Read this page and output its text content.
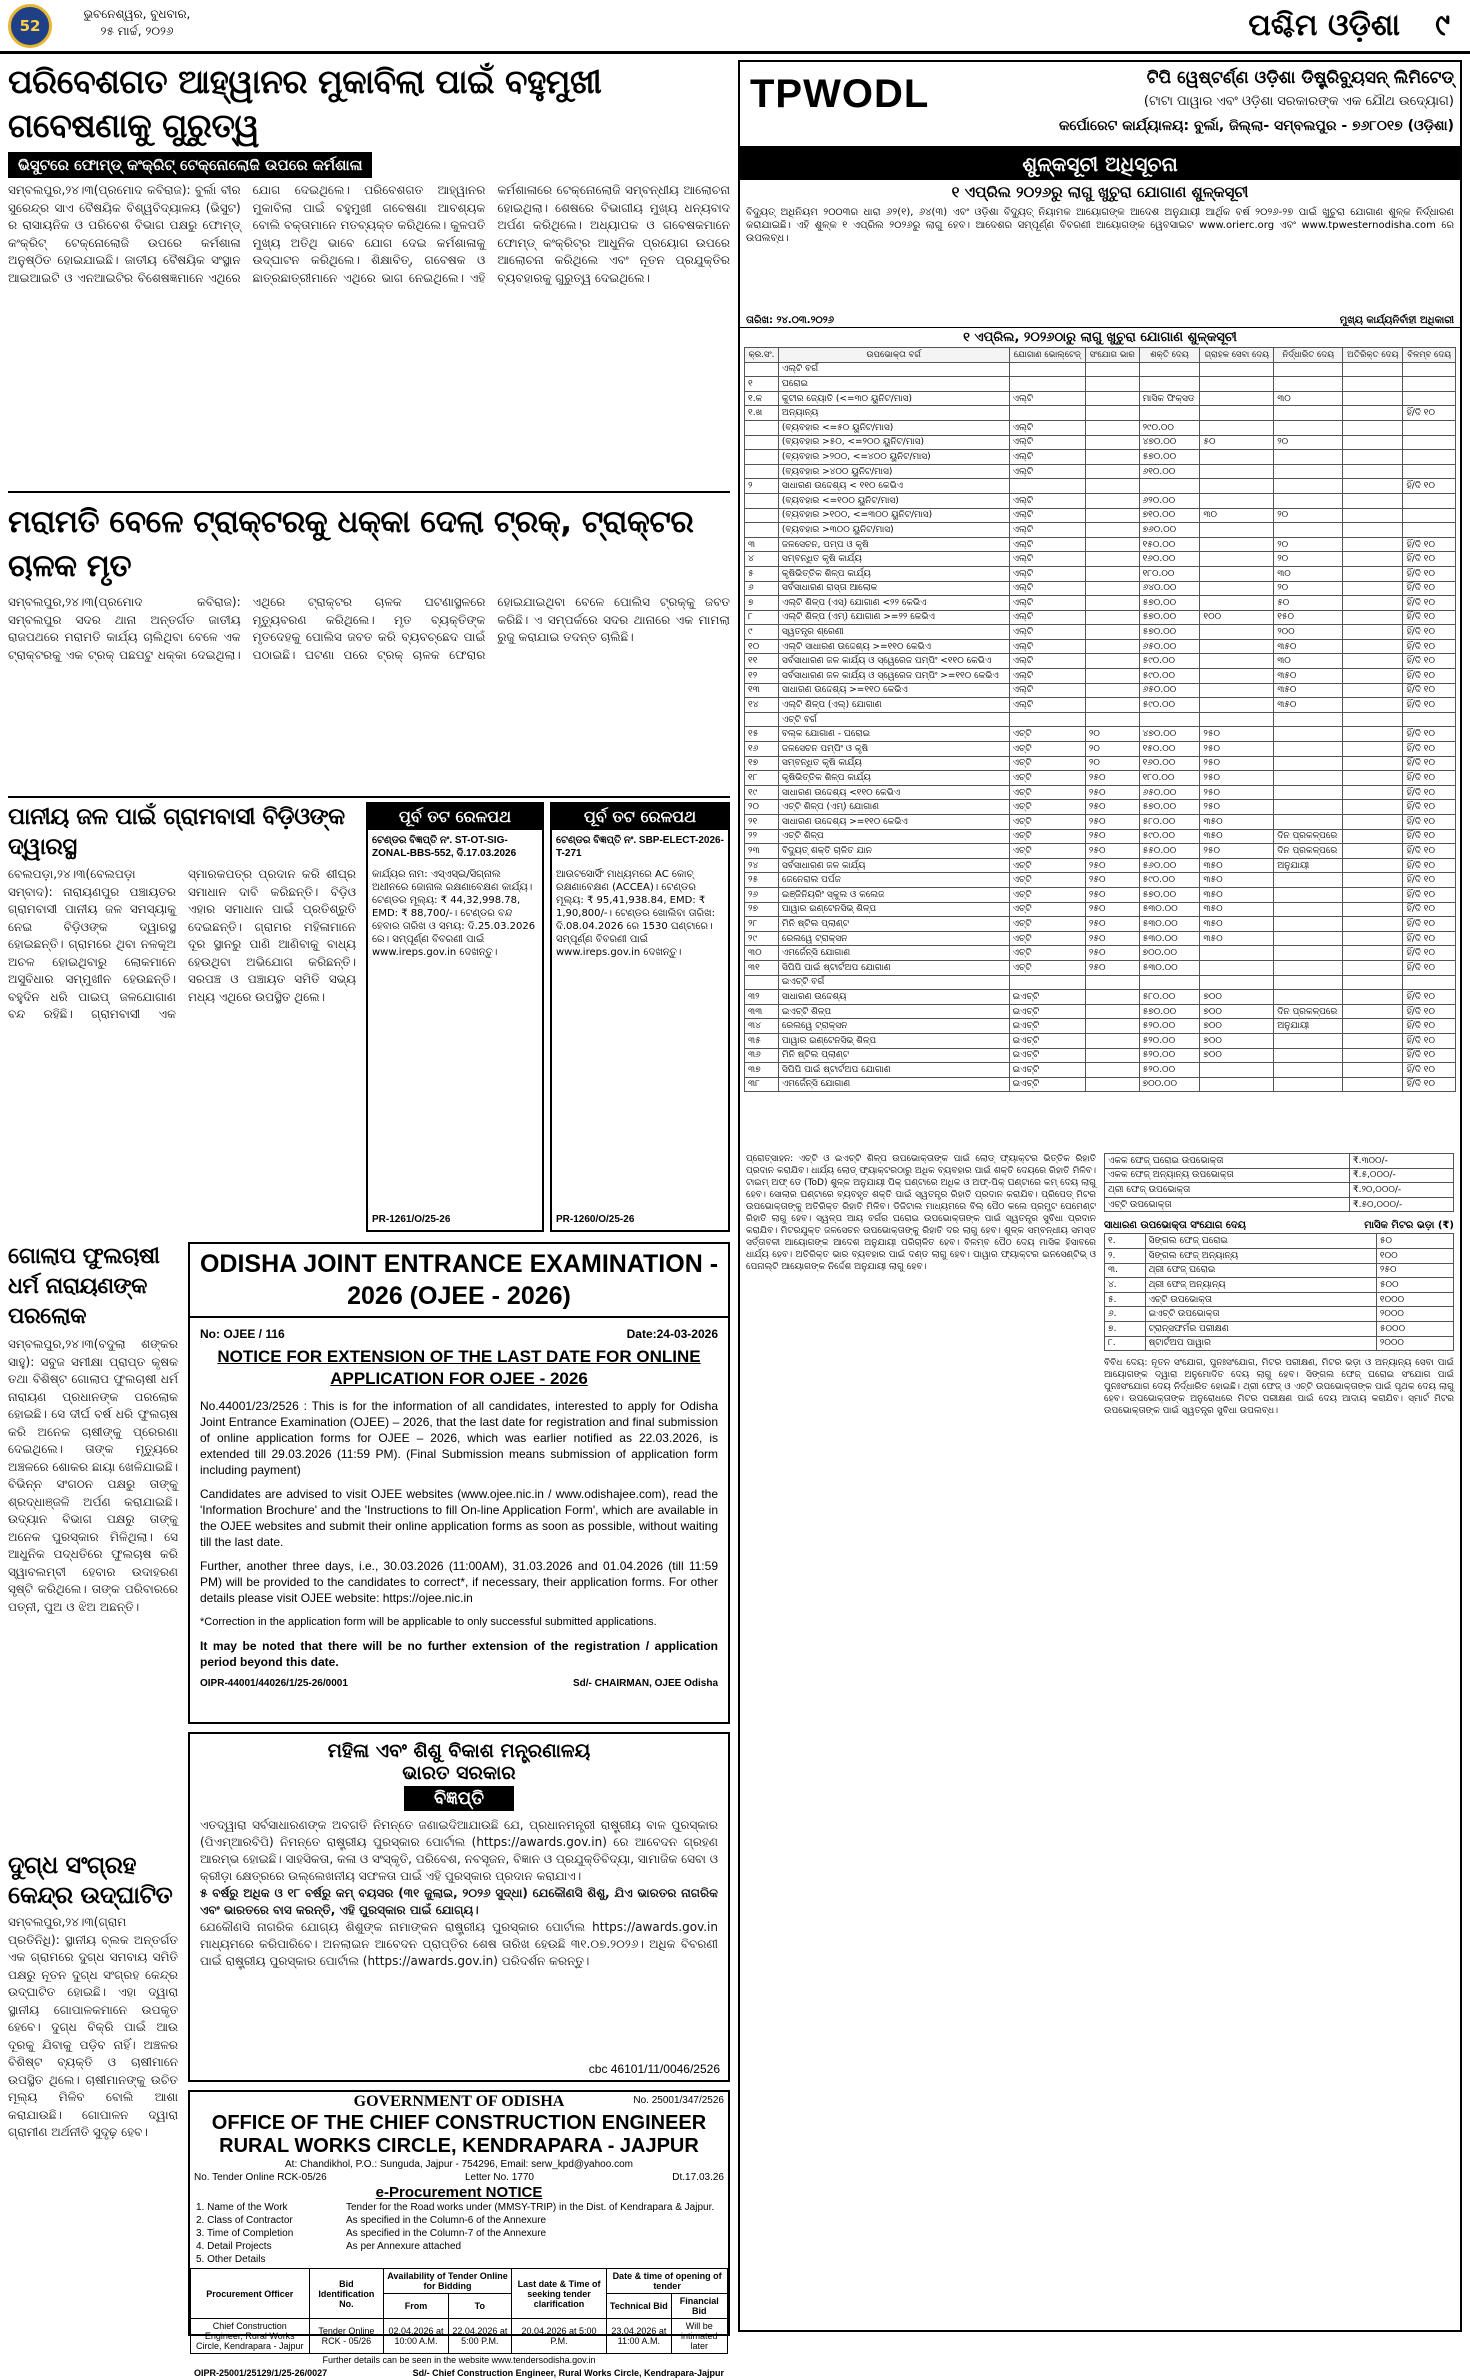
52
ଭୁବନେଶ୍ୱର, ବୁଧବାର,
୨୫ ମାର୍ଚ୍ଚ, ୨୦୨୬	ପଶ୍ଚିମ ଓଡ଼ିଶା ୯
ପରିବେଶଗତ ଆହ୍ୱାନର ମୁକାବିଲା ପାଇଁ ବହୁମୁଖୀ ଗବେଷଣାକୁ ଗୁରୁତ୍ୱ
ଭିସୁଟରେ ଫୋମ୍ଡ୍ କଂକ୍ରିଟ୍ ଟେକ୍ନୋଲୋଜି ଉପରେ କର୍ମଶାଳା
ସମ୍ବଲପୁର,୨୪।୩(ପ୍ରମୋଦ କବିରାଜ): ବୁର୍ଲା ବୀର ସୁରେନ୍ଦ୍ର ସାଏ ବୈଷୟିକ ବିଶ୍ୱବିଦ୍ୟାଳୟ (ଭିସୁଟ) ର ରାସାୟନିକ ଓ ପରିବେଶ ବିଭାଗ ପକ୍ଷରୁ ଫୋମ୍ଡ୍ କଂକ୍ରିଟ୍ ଟେକ୍ନୋଲୋଜି ଉପରେ କର୍ମଶାଳା ଅନୁଷ୍ଠିତ ହୋଇଯାଇଛି। ଜାତୀୟ ବୈଷୟିକ ସଂସ୍ଥାନ ଆଇଆଇଟି ଓ ଏନଆଇଟିର ବିଶେଷଜ୍ଞମାନେ ଏଥିରେ ଯୋଗ ଦେଇଥିଲେ। ପରିବେଶଗତ ଆହ୍ୱାନର ମୁକାବିଲା ପାଇଁ ବହୁମୁଖୀ ଗବେଷଣା ଆବଶ୍ୟକ ବୋଲି ବକ୍ତାମାନେ ମତବ୍ୟକ୍ତ କରିଥିଲେ। କୁଳପତି ମୁଖ୍ୟ ଅତିଥି ଭାବେ ଯୋଗ ଦେଇ କର୍ମଶାଳାକୁ ଉଦ୍‌ଘାଟନ କରିଥିଲେ। ଶିକ୍ଷାବିତ୍, ଗବେଷକ ଓ ଛାତ୍ରଛାତ୍ରୀମାନେ ଏଥିରେ ଭାଗ ନେଇଥିଲେ। ଏହି କର୍ମଶାଳାରେ ଟେକ୍ନୋଲୋଜି ସମ୍ବନ୍ଧୀୟ ଆଲୋଚନା ହୋଇଥିଲା। ଶେଷରେ ବିଭାଗୀୟ ମୁଖ୍ୟ ଧନ୍ୟବାଦ ଅର୍ପଣ କରିଥିଲେ। ଅଧ୍ୟାପକ ଓ ଗବେଷକମାନେ ଫୋମ୍ଡ୍ କଂକ୍ରିଟ୍‌ର ଆଧୁନିକ ପ୍ରୟୋଗ ଉପରେ ଆଲୋଚନା କରିଥିଲେ ଏବଂ ନୂତନ ପ୍ରଯୁକ୍ତିର ବ୍ୟବହାରକୁ ଗୁରୁତ୍ୱ ଦେଇଥିଲେ।
ମରାମତି ବେଳେ ଟ୍ରାକ୍ଟରକୁ ଧକ୍କା ଦେଲା ଟ୍ରକ୍, ଟ୍ରାକ୍ଟର ଚାଳକ ମୃତ
ସମ୍ବଲପୁର,୨୪।୩(ପ୍ରମୋଦ କବିରାଜ): ସମ୍ବଲପୁର ସଦର ଥାନା ଅନ୍ତର୍ଗତ ଜାତୀୟ ରାଜପଥରେ ମରାମତି କାର୍ଯ୍ୟ ଚାଲିଥିବା ବେଳେ ଏକ ଟ୍ରାକ୍ଟରକୁ ଏକ ଟ୍ରକ୍ ପଛପଟୁ ଧକ୍କା ଦେଇଥିଲା। ଏଥିରେ ଟ୍ରାକ୍ଟର ଚାଳକ ଘଟଣାସ୍ଥଳରେ ମୃତ୍ୟୁବରଣ କରିଥିଲେ। ମୃତ ବ୍ୟକ୍ତିଙ୍କ ମୃତଦେହକୁ ପୋଲିସ ଜବତ କରି ବ୍ୟବଚ୍ଛେଦ ପାଇଁ ପଠାଇଛି। ଘଟଣା ପରେ ଟ୍ରକ୍ ଚାଳକ ଫେରାର ହୋଇଯାଇଥିବା ବେଳେ ପୋଲିସ ଟ୍ରକ୍‌କୁ ଜବତ କରିଛି। ଏ ସମ୍ପର୍କରେ ସଦର ଥାନାରେ ଏକ ମାମଲା ରୁଜୁ କରାଯାଇ ତଦନ୍ତ ଚାଲିଛି।
ପାନୀୟ ଜଳ ପାଇଁ ଗ୍ରାମବାସୀ ବିଡ଼ିଓଙ୍କ ଦ୍ୱାରସ୍ଥ
ବେଲପଡ଼ା,୨୪।୩(ବେଲପଡ଼ା ସମ୍ବାଦ): ନାରାୟଣପୁର ପଞ୍ଚାୟତର ଗ୍ରାମବାସୀ ପାନୀୟ ଜଳ ସମସ୍ୟାକୁ ନେଇ ବିଡ଼ିଓଙ୍କ ଦ୍ୱାରସ୍ଥ ହୋଇଛନ୍ତି। ଗ୍ରାମରେ ଥିବା ନଳକୂଅ ଅଚଳ ହୋଇଥିବାରୁ ଲୋକମାନେ ଅସୁବିଧାର ସମ୍ମୁଖୀନ ହେଉଛନ୍ତି। ବହୁଦିନ ଧରି ପାଇପ୍ ଜଳଯୋଗାଣ ବନ୍ଦ ରହିଛି। ଗ୍ରାମବାସୀ ଏକ ସ୍ମାରକପତ୍ର ପ୍ରଦାନ କରି ଶୀଘ୍ର ସମାଧାନ ଦାବି କରିଛନ୍ତି। ବିଡ଼ିଓ ଏହାର ସମାଧାନ ପାଇଁ ପ୍ରତିଶ୍ରୁତି ଦେଇଛନ୍ତି। ଗ୍ରାମର ମହିଳାମାନେ ଦୂର ସ୍ଥାନରୁ ପାଣି ଆଣିବାକୁ ବାଧ୍ୟ ହେଉଥିବା ଅଭିଯୋଗ କରିଛନ୍ତି। ସରପଞ୍ଚ ଓ ପଞ୍ଚାୟତ ସମିତି ସଭ୍ୟ ମଧ୍ୟ ଏଥିରେ ଉପସ୍ଥିତ ଥିଲେ।
ପୂର୍ବ ତଟ ରେଳପଥ
ଟେଣ୍ଡର ବିଜ୍ଞପ୍ତି ନଂ. ST-OT-SIG-ZONAL-BBS-552, ଦି.17.03.2026
କାର୍ଯ୍ୟର ନାମ: ଏସ୍ଏସ୍‌ଇ/ସିଗ୍ନାଲ ଅଧୀନରେ ଜୋନାଲ ରକ୍ଷଣାବେକ୍ଷଣ କାର୍ଯ୍ୟ। ଟେଣ୍ଡର ମୂଲ୍ୟ: ₹ 44,32,998.78, EMD: ₹ 88,700/-। ଟେଣ୍ଡର ବନ୍ଦ ହେବାର ତାରିଖ ଓ ସମୟ: ଦି.25.03.2026 ରେ। ସମ୍ପୂର୍ଣ୍ଣ ବିବରଣୀ ପାଇଁ www.ireps.gov.in ଦେଖନ୍ତୁ।
PR-1261/O/25-26
ପୂର୍ବ ତଟ ରେଳପଥ
ଟେଣ୍ଡର ବିଜ୍ଞପ୍ତି ନଂ. SBP-ELECT-2026-T-271
ଆଉଟସୋର୍ସିଂ ମାଧ୍ୟମରେ AC କୋଚ୍ ରକ୍ଷଣାବେକ୍ଷଣ (ACCEA)। ଟେଣ୍ଡର ମୂଲ୍ୟ: ₹ 95,41,938.84, EMD: ₹ 1,90,800/-। ଟେଣ୍ଡର ଖୋଲିବା ତାରିଖ: ଦି.08.04.2026 ରେ 1530 ଘଣ୍ଟାରେ। ସମ୍ପୂର୍ଣ୍ଣ ବିବରଣୀ ପାଇଁ www.ireps.gov.in ଦେଖନ୍ତୁ।
PR-1260/O/25-26
ଗୋଲାପ ଫୁଲଚାଷୀ ଧର୍ମ ନାରାୟଣଙ୍କ ପରଲୋକ
ସମ୍ବଲପୁର,୨୪।୩(ବଦୁଲା ଶଙ୍କର ସାହୁ): ସବୁଜ ସମୀକ୍ଷା ପ୍ରାପ୍ତ କୃଷକ ତଥା ବିଶିଷ୍ଟ ଗୋଲାପ ଫୁଲଚାଷୀ ଧର୍ମ ନାରାୟଣ ପ୍ରଧାନଙ୍କ ପରଲୋକ ହୋଇଛି। ସେ ଦୀର୍ଘ ବର୍ଷ ଧରି ଫୁଲଚାଷ କରି ଅନେକ ଚାଷୀଙ୍କୁ ପ୍ରେରଣା ଦେଇଥିଲେ। ତାଙ୍କ ମୃତ୍ୟୁରେ ଅଞ୍ଚଳରେ ଶୋକର ଛାୟା ଖେଳିଯାଇଛି। ବିଭିନ୍ନ ସଂଗଠନ ପକ୍ଷରୁ ତାଙ୍କୁ ଶ୍ରଦ୍ଧାଞ୍ଜଳି ଅର୍ପଣ କରାଯାଇଛି। ଉଦ୍ୟାନ ବିଭାଗ ପକ୍ଷରୁ ତାଙ୍କୁ ଅନେକ ପୁରସ୍କାର ମିଳିଥିଲା। ସେ ଆଧୁନିକ ପଦ୍ଧତିରେ ଫୁଲଚାଷ କରି ସ୍ୱାବଲମ୍ବୀ ହେବାର ଉଦାହରଣ ସୃଷ୍ଟି କରିଥିଲେ। ତାଙ୍କ ପରିବାରରେ ପତ୍ନୀ, ପୁଅ ଓ ଝିଅ ଅଛନ୍ତି।
ଦୁଗ୍ଧ ସଂଗ୍ରହ କେନ୍ଦ୍ର ଉଦ୍‌ଘାଟିତ
ସମ୍ବଲପୁର,୨୪।୩(ଗ୍ରାମ ପ୍ରତିନିଧି): ସ୍ଥାନୀୟ ବ୍ଲକ ଅନ୍ତର୍ଗତ ଏକ ଗ୍ରାମରେ ଦୁଗ୍ଧ ସମବାୟ ସମିତି ପକ୍ଷରୁ ନୂତନ ଦୁଗ୍ଧ ସଂଗ୍ରହ କେନ୍ଦ୍ର ଉଦ୍‌ଘାଟିତ ହୋଇଛି। ଏହା ଦ୍ୱାରା ସ୍ଥାନୀୟ ଗୋପାଳକମାନେ ଉପକୃତ ହେବେ। ଦୁଗ୍ଧ ବିକ୍ରି ପାଇଁ ଆଉ ଦୂରକୁ ଯିବାକୁ ପଡ଼ିବ ନାହିଁ। ଅଞ୍ଚଳର ବିଶିଷ୍ଟ ବ୍ୟକ୍ତି ଓ ଚାଷୀମାନେ ଉପସ୍ଥିତ ଥିଲେ। ଚାଷୀମାନଙ୍କୁ ଉଚିତ ମୂଲ୍ୟ ମିଳିବ ବୋଲି ଆଶା କରାଯାଉଛି। ଗୋପାଳନ ଦ୍ୱାରା ଗ୍ରାମୀଣ ଅର୍ଥନୀତି ସୁଦୃଢ଼ ହେବ।
ODISHA JOINT ENTRANCE EXAMINATION - 2026 (OJEE - 2026)
No: OJEE / 116	Date:24-03-2026
NOTICE FOR EXTENSION OF THE LAST DATE FOR ONLINE APPLICATION FOR OJEE - 2026

No.44001/23/2526 : This is for the information of all candidates, interested to apply for Odisha Joint Entrance Examination (OJEE) – 2026, that the last date for registration and final submission of online application forms for OJEE – 2026, which was earlier notified as 22.03.2026, is extended till 29.03.2026 (11:59 PM). (Final Submission means submission of application form including payment)

Candidates are advised to visit OJEE websites (www.ojee.nic.in / www.odishajee.com), read the 'Information Brochure' and the 'Instructions to fill On-line Application Form', which are available in the OJEE websites and submit their online application forms as soon as possible, without waiting till the last date.

Further, another three days, i.e., 30.03.2026 (11:00AM), 31.03.2026 and 01.04.2026 (till 11:59 PM) will be provided to the candidates to correct*, if necessary, their application forms. For other details please visit OJEE website: https://ojee.nic.in

*Correction in the application form will be applicable to only successful submitted applications.

It may be noted that there will be no further extension of the registration / application period beyond this date.

OIPR-44001/44026/1/25-26/0001	Sd/- CHAIRMAN, OJEE Odisha
ମହିଳା ଏବଂ ଶିଶୁ ବିକାଶ ମନ୍ତ୍ରଣାଳୟ
ଭାରତ ସରକାର
ବିଜ୍ଞପ୍ତି

ଏତଦ୍ୱାରା ସର୍ବସାଧାରଣଙ୍କ ଅବଗତି ନିମନ୍ତେ ଜଣାଇଦିଆଯାଉଛି ଯେ, ପ୍ରଧାନମନ୍ତ୍ରୀ ରାଷ୍ଟ୍ରୀୟ ବାଳ ପୁରସ୍କାର (ପିଏମ୍‌ଆରବିପି) ନିମନ୍ତେ ରାଷ୍ଟ୍ରୀୟ ପୁରସ୍କାର ପୋର୍ଟାଲ (https://awards.gov.in) ରେ ଆବେଦନ ଗ୍ରହଣ ଆରମ୍ଭ ହୋଇଛି। ସାହସିକତା, କଳା ଓ ସଂସ୍କୃତି, ପରିବେଶ, ନବସୃଜନ, ବିଜ୍ଞାନ ଓ ପ୍ରଯୁକ୍ତିବିଦ୍ୟା, ସାମାଜିକ ସେବା ଓ କ୍ରୀଡ଼ା କ୍ଷେତ୍ରରେ ଉଲ୍ଲେଖନୀୟ ସଫଳତା ପାଇଁ ଏହି ପୁରସ୍କାର ପ୍ରଦାନ କରାଯାଏ।

୫ ବର୍ଷରୁ ଅଧିକ ଓ ୧୮ ବର୍ଷରୁ କମ୍ ବୟସର (୩୧ ଜୁଲାଇ, ୨୦୨୬ ସୁଦ୍ଧା) ଯେକୌଣସି ଶିଶୁ, ଯିଏ ଭାରତର ନାଗରିକ ଏବଂ ଭାରତରେ ବାସ କରନ୍ତି, ଏହି ପୁରସ୍କାର ପାଇଁ ଯୋଗ୍ୟ।

ଯେକୌଣସି ନାଗରିକ ଯୋଗ୍ୟ ଶିଶୁଙ୍କ ନାମାଙ୍କନ ରାଷ୍ଟ୍ରୀୟ ପୁରସ୍କାର ପୋର୍ଟାଲ https://awards.gov.in ମାଧ୍ୟମରେ କରିପାରିବେ। ଅନଲାଇନ ଆବେଦନ ପ୍ରାପ୍ତିର ଶେଷ ତାରିଖ ହେଉଛି ୩୧.୦୭.୨୦୨୬। ଅଧିକ ବିବରଣୀ ପାଇଁ ରାଷ୍ଟ୍ରୀୟ ପୁରସ୍କାର ପୋର୍ଟାଲ (https://awards.gov.in) ପରିଦର୍ଶନ କରନ୍ତୁ।

cbc 46101/11/0046/2526
GOVERNMENT OF ODISHA	No. 25001/347/2526
OFFICE OF THE CHIEF CONSTRUCTION ENGINEER
RURAL WORKS CIRCLE, KENDRAPARA - JAJPUR
At: Chandikhol, P.O.: Sunguda, Jajpur - 754296, Email: serw_kpd@yahoo.com
No. Tender Online RCK-05/26	Letter No. 1770	Dt.17.03.26
e-Procurement NOTICE
1. Name of the Work	Tender for the Road works under (MMSY-TRIP) in the Dist. of Kendrapara & Jajpur.
2. Class of Contractor	As specified in the Column-6 of the Annexure
3. Time of Completion	As specified in the Column-7 of the Annexure
4. Detail Projects	As per Annexure attached
5. Other Details
Procurement Officer	Bid Identification No.	Availability of Tender Online for Bidding		Last date & Time of seeking tender clarification	Date & time of opening of tender	
		From	To		Technical Bid	Financial Bid
Chief Construction Engineer, Rural Works Circle, Kendrapara - Jajpur	Tender Online RCK - 05/26	02.04.2026 at 10:00 A.M.	22.04.2026 at 5:00 P.M.	20.04.2026 at 5:00 P.M.	23.04.2026 at 11:00 A.M.	Will be intimated later
Further details can be seen in the website www.tendersodisha.gov.in
OIPR-25001/25129/1/25-26/0027	Sd/- Chief Construction Engineer, Rural Works Circle, Kendrapara-Jajpur
TPWODL	ଟିପି ୱେଷ୍ଟର୍ଣ୍ଣ ଓଡ଼ିଶା ଡିଷ୍ଟ୍ରିବ୍ୟୁସନ୍ ଲିମିଟେଡ୍
(ଟାଟା ପାୱାର ଏବଂ ଓଡ଼ିଶା ସରକାରଙ୍କ ଏକ ଯୌଥ ଉଦ୍ୟୋଗ)
କର୍ପୋରେଟ କାର୍ଯ୍ୟାଳୟ: ବୁର୍ଲା, ଜିଲ୍ଲା- ସମ୍ବଲପୁର - ୭୬୮୦୧୭ (ଓଡ଼ିଶା)
ଶୁଳ୍କସୂଚୀ ଅଧିସୂଚନା
୧ ଏପ୍ରିଲ ୨୦୨୬ରୁ ଲାଗୁ ଖୁଚୁରା ଯୋଗାଣ ଶୁଳ୍କସୂଚୀ
ବିଦ୍ୟୁତ୍ ଅଧିନିୟମ ୨୦୦୩ର ଧାରା ୬୨(୧), ୬୪(୩) ଏବଂ ଓଡ଼ିଶା ବିଦ୍ୟୁତ୍ ନିୟାମକ ଆୟୋଗଙ୍କ ଆଦେଶ ଅନୁଯାୟୀ ଆର୍ଥିକ ବର୍ଷ ୨୦୨୬-୨୭ ପାଇଁ ଖୁଚୁରା ଯୋଗାଣ ଶୁଳ୍କ ନିର୍ଦ୍ଧାରଣ କରାଯାଇଛି। ଏହି ଶୁଳ୍କ ୧ ଏପ୍ରିଲ ୨୦୨୬ରୁ ଲାଗୁ ହେବ। ଆଦେଶର ସମ୍ପୂର୍ଣ୍ଣ ବିବରଣୀ ଆୟୋଗଙ୍କ ୱେବସାଇଟ www.orierc.org ଏବଂ www.tpwesternodisha.com ରେ ଉପଲବ୍ଧ।
ତାରିଖ: ୨୪.୦୩.୨୦୨୬	ମୁଖ୍ୟ କାର୍ଯ୍ୟନିର୍ବାହୀ ଅଧିକାରୀ
୧ ଏପ୍ରିଲ, ୨୦୨୬ଠାରୁ ଲାଗୁ ଖୁଚୁରା ଯୋଗାଣ ଶୁଳ୍କସୂଚୀ
କ୍ର.ସଂ.	ଉପଭୋକ୍ତା ବର୍ଗ	ଯୋଗାଣ ଭୋଲ୍ଟେଜ୍	ସଂଯୋଗ ଭାର	ଶକ୍ତି ଦେୟ	ଗ୍ରାହକ ସେବା ଦେୟ	ନିର୍ଦ୍ଧାରିତ ଦେୟ	ଅତିରିକ୍ତ ଦେୟ	ବିଳମ୍ବ ଦେୟ
	ଏଲ୍‌ଟି ବର୍ଗ							
୧	ଘରୋଇ							
୧.କ	କୁଟୀର ଜ୍ୟୋତି (<=୩୦ ୟୁନିଟ/ମାସ)	ଏଲ୍‌ଟି		ମାସିକ ଫିକ୍ସଡ		୩୦		
୧.ଖ	ଅନ୍ୟାନ୍ୟ							ହିଁ/ଦି ୧୦
	(ବ୍ୟବହାର <=୫୦ ୟୁନିଟ/ମାସ)	ଏଲ୍‌ଟି		୨୯୦.୦୦				
	(ବ୍ୟବହାର >୫୦, <=୨୦୦ ୟୁନିଟ/ମାସ)	ଏଲ୍‌ଟି		୪୭୦.୦୦	୫୦	୨୦		
	(ବ୍ୟବହାର >୨୦୦, <=୪୦୦ ୟୁନିଟ/ମାସ)	ଏଲ୍‌ଟି		୫୭୦.୦୦				
	(ବ୍ୟବହାର >୪୦୦ ୟୁନିଟ/ମାସ)	ଏଲ୍‌ଟି		୬୧୦.୦୦				
୨	ସାଧାରଣ ଉଦ୍ଦେଶ୍ୟ < ୧୧୦ କେଭିଏ							ହିଁ/ଦି ୧୦
	(ବ୍ୟବହାର <=୧୦୦ ୟୁନିଟ/ମାସ)	ଏଲ୍‌ଟି		୬୨୦.୦୦				
	(ବ୍ୟବହାର >୧୦୦, <=୩୦୦ ୟୁନିଟ/ମାସ)	ଏଲ୍‌ଟି		୭୧୦.୦୦	୩୦	୨୦		
	(ବ୍ୟବହାର >୩୦୦ ୟୁନିଟ/ମାସ)	ଏଲ୍‌ଟି		୭୬୦.୦୦				
୩	ଜଳସେଚନ, ପମ୍ପ ଓ କୃଷି	ଏଲ୍‌ଟି		୧୫୦.୦୦		୨୦		ହିଁ/ଦି ୧୦
୪	ସମ୍ବନ୍ଧିତ କୃଷି କାର୍ଯ୍ୟ	ଏଲ୍‌ଟି		୧୬୦.୦୦		୨୦		ହିଁ/ଦି ୧୦
୫	କୃଷିଭିତ୍ତିକ ଶିଳ୍ପ କାର୍ଯ୍ୟ	ଏଲ୍‌ଟି		୧୮୦.୦୦		୩୦		ହିଁ/ଦି ୧୦
୬	ସର୍ବସାଧାରଣ ରାସ୍ତା ଆଲୋକ	ଏଲ୍‌ଟି		୬୪୦.୦୦		୨୦		ହିଁ/ଦି ୧୦
୭	ଏଲ୍‌ଟି ଶିଳ୍ପ (ଏସ୍) ଯୋଗାଣ <୨୨ କେଭିଏ	ଏଲ୍‌ଟି		୫୭୦.୦୦		୫୦		ହିଁ/ଦି ୧୦
୮	ଏଲ୍‌ଟି ଶିଳ୍ପ (ଏମ୍) ଯୋଗାଣ >=୨୨ କେଭିଏ	ଏଲ୍‌ଟି		୫୭୦.୦୦	୧୦୦	୧୫୦		ହିଁ/ଦି ୧୦
୯	ସ୍ୱତନ୍ତ୍ର ଶ୍ରେଣୀ	ଏଲ୍‌ଟି		୫୭୦.୦୦		୨୦୦		ହିଁ/ଦି ୧୦
୧୦	ଏଲ୍‌ଟି ସାଧାରଣ ଉଦ୍ଦେଶ୍ୟ >=୧୧୦ କେଭିଏ	ଏଲ୍‌ଟି		୬୫୦.୦୦		୩୫୦		ହିଁ/ଦି ୧୦
୧୧	ସର୍ବସାଧାରଣ ଜଳ କାର୍ଯ୍ୟ ଓ ସ୍ୱେରେଜ ପମ୍ପିଂ <୧୧୦ କେଭିଏ	ଏଲ୍‌ଟି		୫୯୦.୦୦		୩୦		ହିଁ/ଦି ୧୦
୧୨	ସର୍ବସାଧାରଣ ଜଳ କାର୍ଯ୍ୟ ଓ ସ୍ୱେରେଜ ପମ୍ପିଂ >=୧୧୦ କେଭିଏ	ଏଲ୍‌ଟି		୫୯୦.୦୦		୩୫୦		ହିଁ/ଦି ୧୦
୧୩	ସାଧାରଣ ଉଦ୍ଦେଶ୍ୟ >=୧୧୦ କେଭିଏ	ଏଲ୍‌ଟି		୬୫୦.୦୦		୩୫୦		ହିଁ/ଦି ୧୦
୧୪	ଏଲ୍‌ଟି ଶିଳ୍ପ (ଏଲ୍) ଯୋଗାଣ	ଏଲ୍‌ଟି		୫୯୦.୦୦		୩୫୦		ହିଁ/ଦି ୧୦
	ଏଚ୍‌ଟି ବର୍ଗ							
୧୫	ବଲ୍କ ଯୋଗାଣ - ଘରୋଇ	ଏଚ୍‌ଟି	୨୦	୪୭୦.୦୦	୨୫୦			ହିଁ/ଦି ୧୦
୧୬	ଜଳସେଚନ ପମ୍ପିଂ ଓ କୃଷି	ଏଚ୍‌ଟି	୨୦	୧୫୦.୦୦	୨୫୦			ହିଁ/ଦି ୧୦
୧୭	ସମ୍ବନ୍ଧିତ କୃଷି କାର୍ଯ୍ୟ	ଏଚ୍‌ଟି	୨୦	୧୬୦.୦୦	୨୫୦			ହିଁ/ଦି ୧୦
୧୮	କୃଷିଭିତ୍ତିକ ଶିଳ୍ପ କାର୍ଯ୍ୟ	ଏଚ୍‌ଟି	୨୫୦	୧୮୦.୦୦	୨୫୦			ହିଁ/ଦି ୧୦
୧୯	ସାଧାରଣ ଉଦ୍ଦେଶ୍ୟ <୧୧୦ କେଭିଏ	ଏଚ୍‌ଟି	୨୫୦	୬୫୦.୦୦	୨୫୦			ହିଁ/ଦି ୧୦
୨୦	ଏଚ୍‌ଟି ଶିଳ୍ପ (ଏମ୍) ଯୋଗାଣ	ଏଚ୍‌ଟି	୨୫୦	୫୭୦.୦୦	୨୫୦			ହିଁ/ଦି ୧୦
୨୧	ସାଧାରଣ ଉଦ୍ଦେଶ୍ୟ >=୧୧୦ କେଭିଏ	ଏଚ୍‌ଟି	୨୫୦	୫୮୦.୦୦	୩୫୦			ହିଁ/ଦି ୧୦
୨୨	ଏଚ୍‌ଟି ଶିଳ୍ପ	ଏଚ୍‌ଟି	୨୫୦	୫୯୦.୦୦	୩୫୦	ଦିନ ପ୍ରକଳ୍ପରେ		ହିଁ/ଦି ୧୦
୨୩	ବିଦ୍ୟୁତ୍ ଶକ୍ତି ଚାଳିତ ଯାନ	ଏଚ୍‌ଟି	୨୫୦	୫୫୦.୦୦	୨୫୦	ଦିନ ପ୍ରକଳ୍ପରେ		ହିଁ/ଦି ୧୦
୨୪	ସର୍ବସାଧାରଣ ଜଳ କାର୍ଯ୍ୟ	ଏଚ୍‌ଟି	୨୫୦	୫୬୦.୦୦	୩୫୦	ଅନୁଯାୟୀ		ହିଁ/ଦି ୧୦
୨୫	ଜେନେରାଲ ପର୍ପଜ	ଏଚ୍‌ଟି	୨୫୦	୫୯୦.୦୦	୩୫୦			ହିଁ/ଦି ୧୦
୨୬	ଇଞ୍ଜିନିୟରିଂ ସ୍କୁଲ ଓ କଲେଜ	ଏଚ୍‌ଟି	୨୫୦	୫୭୦.୦୦	୩୫୦			ହିଁ/ଦି ୧୦
୨୭	ପାୱାର ଇଣ୍ଟେନସିଭ୍ ଶିଳ୍ପ	ଏଚ୍‌ଟି	୨୫୦	୫୩୦.୦୦	୩୫୦			ହିଁ/ଦି ୧୦
୨୮	ମିନି ଷ୍ଟିଲ ପ୍ଲାଣ୍ଟ	ଏଚ୍‌ଟି	୨୫୦	୫୩୦.୦୦	୩୫୦			ହିଁ/ଦି ୧୦
୨୯	ରେଲୱେ ଟ୍ରାକ୍ସନ	ଏଚ୍‌ଟି	୨୫୦	୫୩୦.୦୦	୩୫୦			ହିଁ/ଦି ୧୦
୩୦	ଏମର୍ଜେନ୍ସି ଯୋଗାଣ	ଏଚ୍‌ଟି	୨୫୦	୭୦୦.୦୦				ହିଁ/ଦି ୧୦
୩୧	ସିପିପି ପାଇଁ ଷ୍ଟାର୍ଟଅପ ଯୋଗାଣ	ଏଚ୍‌ଟି	୨୫୦	୫୩୦.୦୦				ହିଁ/ଦି ୧୦
	ଇଏଚ୍‌ଟି ବର୍ଗ							
୩୨	ସାଧାରଣ ଉଦ୍ଦେଶ୍ୟ	ଇଏଚ୍‌ଟି		୫୮୦.୦୦	୭୦୦			ହିଁ/ଦି ୧୦
୩୩	ଇଏଚ୍‌ଟି ଶିଳ୍ପ	ଇଏଚ୍‌ଟି		୫୭୦.୦୦	୭୦୦	ଦିନ ପ୍ରକଳ୍ପରେ		ହିଁ/ଦି ୧୦
୩୪	ରେଲୱେ ଟ୍ରାକ୍ସନ	ଇଏଚ୍‌ଟି		୫୨୦.୦୦	୭୦୦	ଅନୁଯାୟୀ		ହିଁ/ଦି ୧୦
୩୫	ପାୱାର ଇଣ୍ଟେନସିଭ୍ ଶିଳ୍ପ	ଇଏଚ୍‌ଟି		୫୨୦.୦୦	୭୦୦			ହିଁ/ଦି ୧୦
୩୬	ମିନି ଷ୍ଟିଲ ପ୍ଲାଣ୍ଟ	ଇଏଚ୍‌ଟି		୫୨୦.୦୦	୭୦୦			ହିଁ/ଦି ୧୦
୩୭	ସିପିପି ପାଇଁ ଷ୍ଟାର୍ଟଅପ ଯୋଗାଣ	ଇଏଚ୍‌ଟି		୫୨୦.୦୦				ହିଁ/ଦି ୧୦
୩୮	ଏମର୍ଜେନ୍ସି ଯୋଗାଣ	ଇଏଚ୍‌ଟି		୭୦୦.୦୦				ହିଁ/ଦି ୧୦
ପ୍ରୋତ୍ସାହନ: ଏଚ୍‌ଟି ଓ ଇଏଚ୍‌ଟି ଶିଳ୍ପ ଉପଭୋକ୍ତାଙ୍କ ପାଇଁ ଲୋଡ୍ ଫ୍ୟାକ୍ଟର ଭିତ୍ତିକ ରିହାତି ପ୍ରଦାନ କରାଯିବ। ଧାର୍ଯ୍ୟ ଲୋଡ୍ ଫ୍ୟାକ୍ଟରଠାରୁ ଅଧିକ ବ୍ୟବହାର ପାଇଁ ଶକ୍ତି ଦେୟରେ ରିହାତି ମିଳିବ। ଟାଇମ୍ ଅଫ୍ ଡେ (ToD) ଶୁଳ୍କ ଅନୁଯାୟୀ ପିକ୍ ଘଣ୍ଟାରେ ଅଧିକ ଓ ଅଫ୍-ପିକ୍ ଘଣ୍ଟାରେ କମ୍ ଦେୟ ଲାଗୁ ହେବ। ସୋଲାର ଘଣ୍ଟାରେ ବ୍ୟବହୃତ ଶକ୍ତି ପାଇଁ ସ୍ୱତନ୍ତ୍ର ରିହାତି ପ୍ରଦାନ କରାଯିବ। ପ୍ରିପେଡ୍ ମିଟର ଉପଭୋକ୍ତାଙ୍କୁ ଅତିରିକ୍ତ ରିହାତି ମିଳିବ। ଡିଜିଟାଲ ମାଧ୍ୟମରେ ବିଲ୍ ପୈଠ କଲେ ପ୍ରମ୍ପ୍ଟ ପେମେଣ୍ଟ ରିହାତି ଲାଗୁ ହେବ। ସ୍ୱଳ୍ପ ଆୟ ବର୍ଗର ଘରୋଇ ଉପଭୋକ୍ତାଙ୍କ ପାଇଁ ସ୍ୱତନ୍ତ୍ର ସୁବିଧା ପ୍ରଦାନ କରାଯିବ। ମିଟରଯୁକ୍ତ ଜଳସେଚନ ଉପଭୋକ୍ତାଙ୍କୁ ରିହାତି ଦର ଲାଗୁ ହେବ। ଶୁଳ୍କ ସମ୍ବନ୍ଧୀୟ ସମସ୍ତ ସର୍ତ୍ତାବଳୀ ଆୟୋଗଙ୍କ ଆଦେଶ ଅନୁଯାୟୀ ପରିଚାଳିତ ହେବ। ବିଳମ୍ବ ପୈଠ ଦେୟ ମାସିକ ହିସାବରେ ଧାର୍ଯ୍ୟ ହେବ। ଅତିରିକ୍ତ ଭାର ବ୍ୟବହାର ପାଇଁ ଦଣ୍ଡ ଲାଗୁ ହେବ। ପାୱାର ଫ୍ୟାକ୍ଟର ଇନସେଣ୍ଟିଭ୍ ଓ ପେନାଲ୍ଟି ଆୟୋଗଙ୍କ ନିର୍ଦ୍ଦେଶ ଅନୁଯାୟୀ ଲାଗୁ ହେବ।
ଏକକ ଫେଜ୍ ଘରୋଇ ଉପଭୋକ୍ତା	₹.୩୦୦/-
ଏକକ ଫେଜ୍ ଅନ୍ୟାନ୍ୟ ଉପଭୋକ୍ତା	₹.୫,୦୦୦/-
ଥ୍ରୀ ଫେଜ୍ ଉପଭୋକ୍ତା	₹.୨୦,୦୦୦/-
ଏଚ୍‌ଟି ଉପଭୋକ୍ତା	₹.୫୦,୦୦୦/-
ସାଧାରଣ ଉପଭୋକ୍ତା ସଂଯୋଗ ଦେୟ	ମାସିକ ମିଟର ଭଡ଼ା (₹)
୧.	ସିଙ୍ଗଲ ଫେଜ୍ ଘରୋଇ	୫୦
୨.	ସିଙ୍ଗଲ ଫେଜ୍ ଅନ୍ୟାନ୍ୟ	୧୦୦
୩.	ଥ୍ରୀ ଫେଜ୍ ଘରୋଇ	୨୫୦
୪.	ଥ୍ରୀ ଫେଜ୍ ଅନ୍ୟାନ୍ୟ	୫୦୦
୫.	ଏଚ୍‌ଟି ଉପଭୋକ୍ତା	୧୦୦୦
୬.	ଇଏଚ୍‌ଟି ଉପଭୋକ୍ତା	୨୦୦୦
୭.	ଟ୍ରାନ୍ସଫର୍ମର ପରୀକ୍ଷଣ	୫୦୦୦
୮.	ଷ୍ଟାର୍ଟଅପ ପାୱାର	୨୦୦୦
ବିବିଧ ଦେୟ: ନୂତନ ସଂଯୋଗ, ପୁନଃସଂଯୋଗ, ମିଟର ପରୀକ୍ଷଣ, ମିଟର ଭଡ଼ା ଓ ଅନ୍ୟାନ୍ୟ ସେବା ପାଇଁ ଆୟୋଗଙ୍କ ଦ୍ୱାରା ଅନୁମୋଦିତ ଦେୟ ଲାଗୁ ହେବ। ସିଙ୍ଗଲ ଫେଜ୍ ଘରୋଇ ସଂଯୋଗ ପାଇଁ ପୁନଃସଂଯୋଗ ଦେୟ ନିର୍ଦ୍ଧାରିତ ହୋଇଛି। ଥ୍ରୀ ଫେଜ୍ ଓ ଏଚ୍‌ଟି ଉପଭୋକ୍ତାଙ୍କ ପାଇଁ ପୃଥକ ଦେୟ ଲାଗୁ ହେବ। ଉପଭୋକ୍ତାଙ୍କ ଅନୁରୋଧରେ ମିଟର ପରୀକ୍ଷଣ ପାଇଁ ଦେୟ ଆଦାୟ କରାଯିବ। ସ୍ମାର୍ଟ ମିଟର ଉପଭୋକ୍ତାଙ୍କ ପାଇଁ ସ୍ୱତନ୍ତ୍ର ସୁବିଧା ଉପଲବ୍ଧ।
